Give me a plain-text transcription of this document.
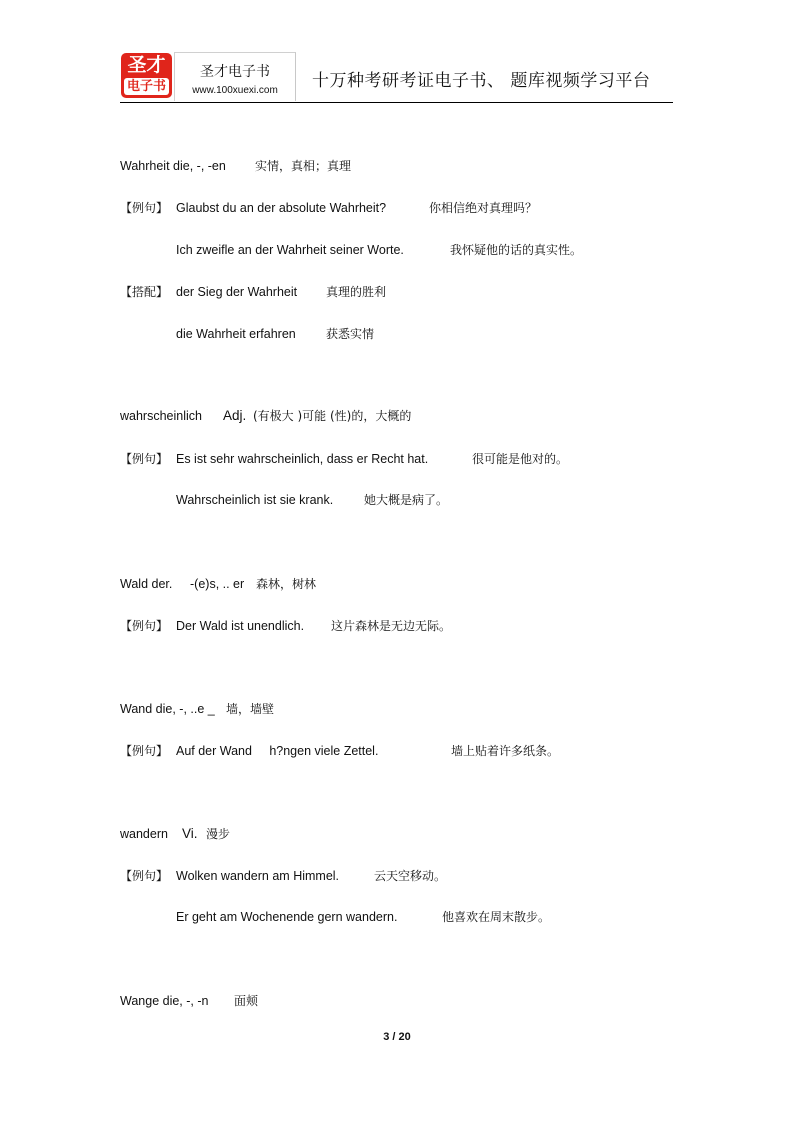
圣才
电子书
圣才电子书
www.100xuexi.com	十万种考研考证电子书、 题库视频学习平台
Wahrheit die, -, -en 实情，真相；真理
【例句】 Glaubst du an der absolute Wahrheit?	你相信绝对真理吗？
Ich zweifle an der Wahrheit seiner Worte.	我怀疑他的话的真实性。
【搭配】 der Sieg der Wahrheit 真理的胜利
die Wahrheit erfahren	获悉实情
wahrscheinlich Adj. (有极大 )可能 (性)的，大概的
【例句】 Es ist sehr wahrscheinlich, dass er Recht hat.	很可能是他对的。
Wahrscheinlich ist sie krank.	她大概是病了。
Wald der. -(e)s, .. er 森林，树林
【例句】 Der Wald ist unendlich. 这片森林是无边无际。
Wand die, -, ..e _ 墙，墙壁
【例句】 Auf der Wand     h?ngen viele Zettel.	墙上贴着许多纸条。
wandern Vi. 漫步
【例句】 Wolken wandern am Himmel.	云天空移动。
Er geht am Wochenende gern wandern.	他喜欢在周末散步。
Wange die, -, -n 面颊
3 / 20
